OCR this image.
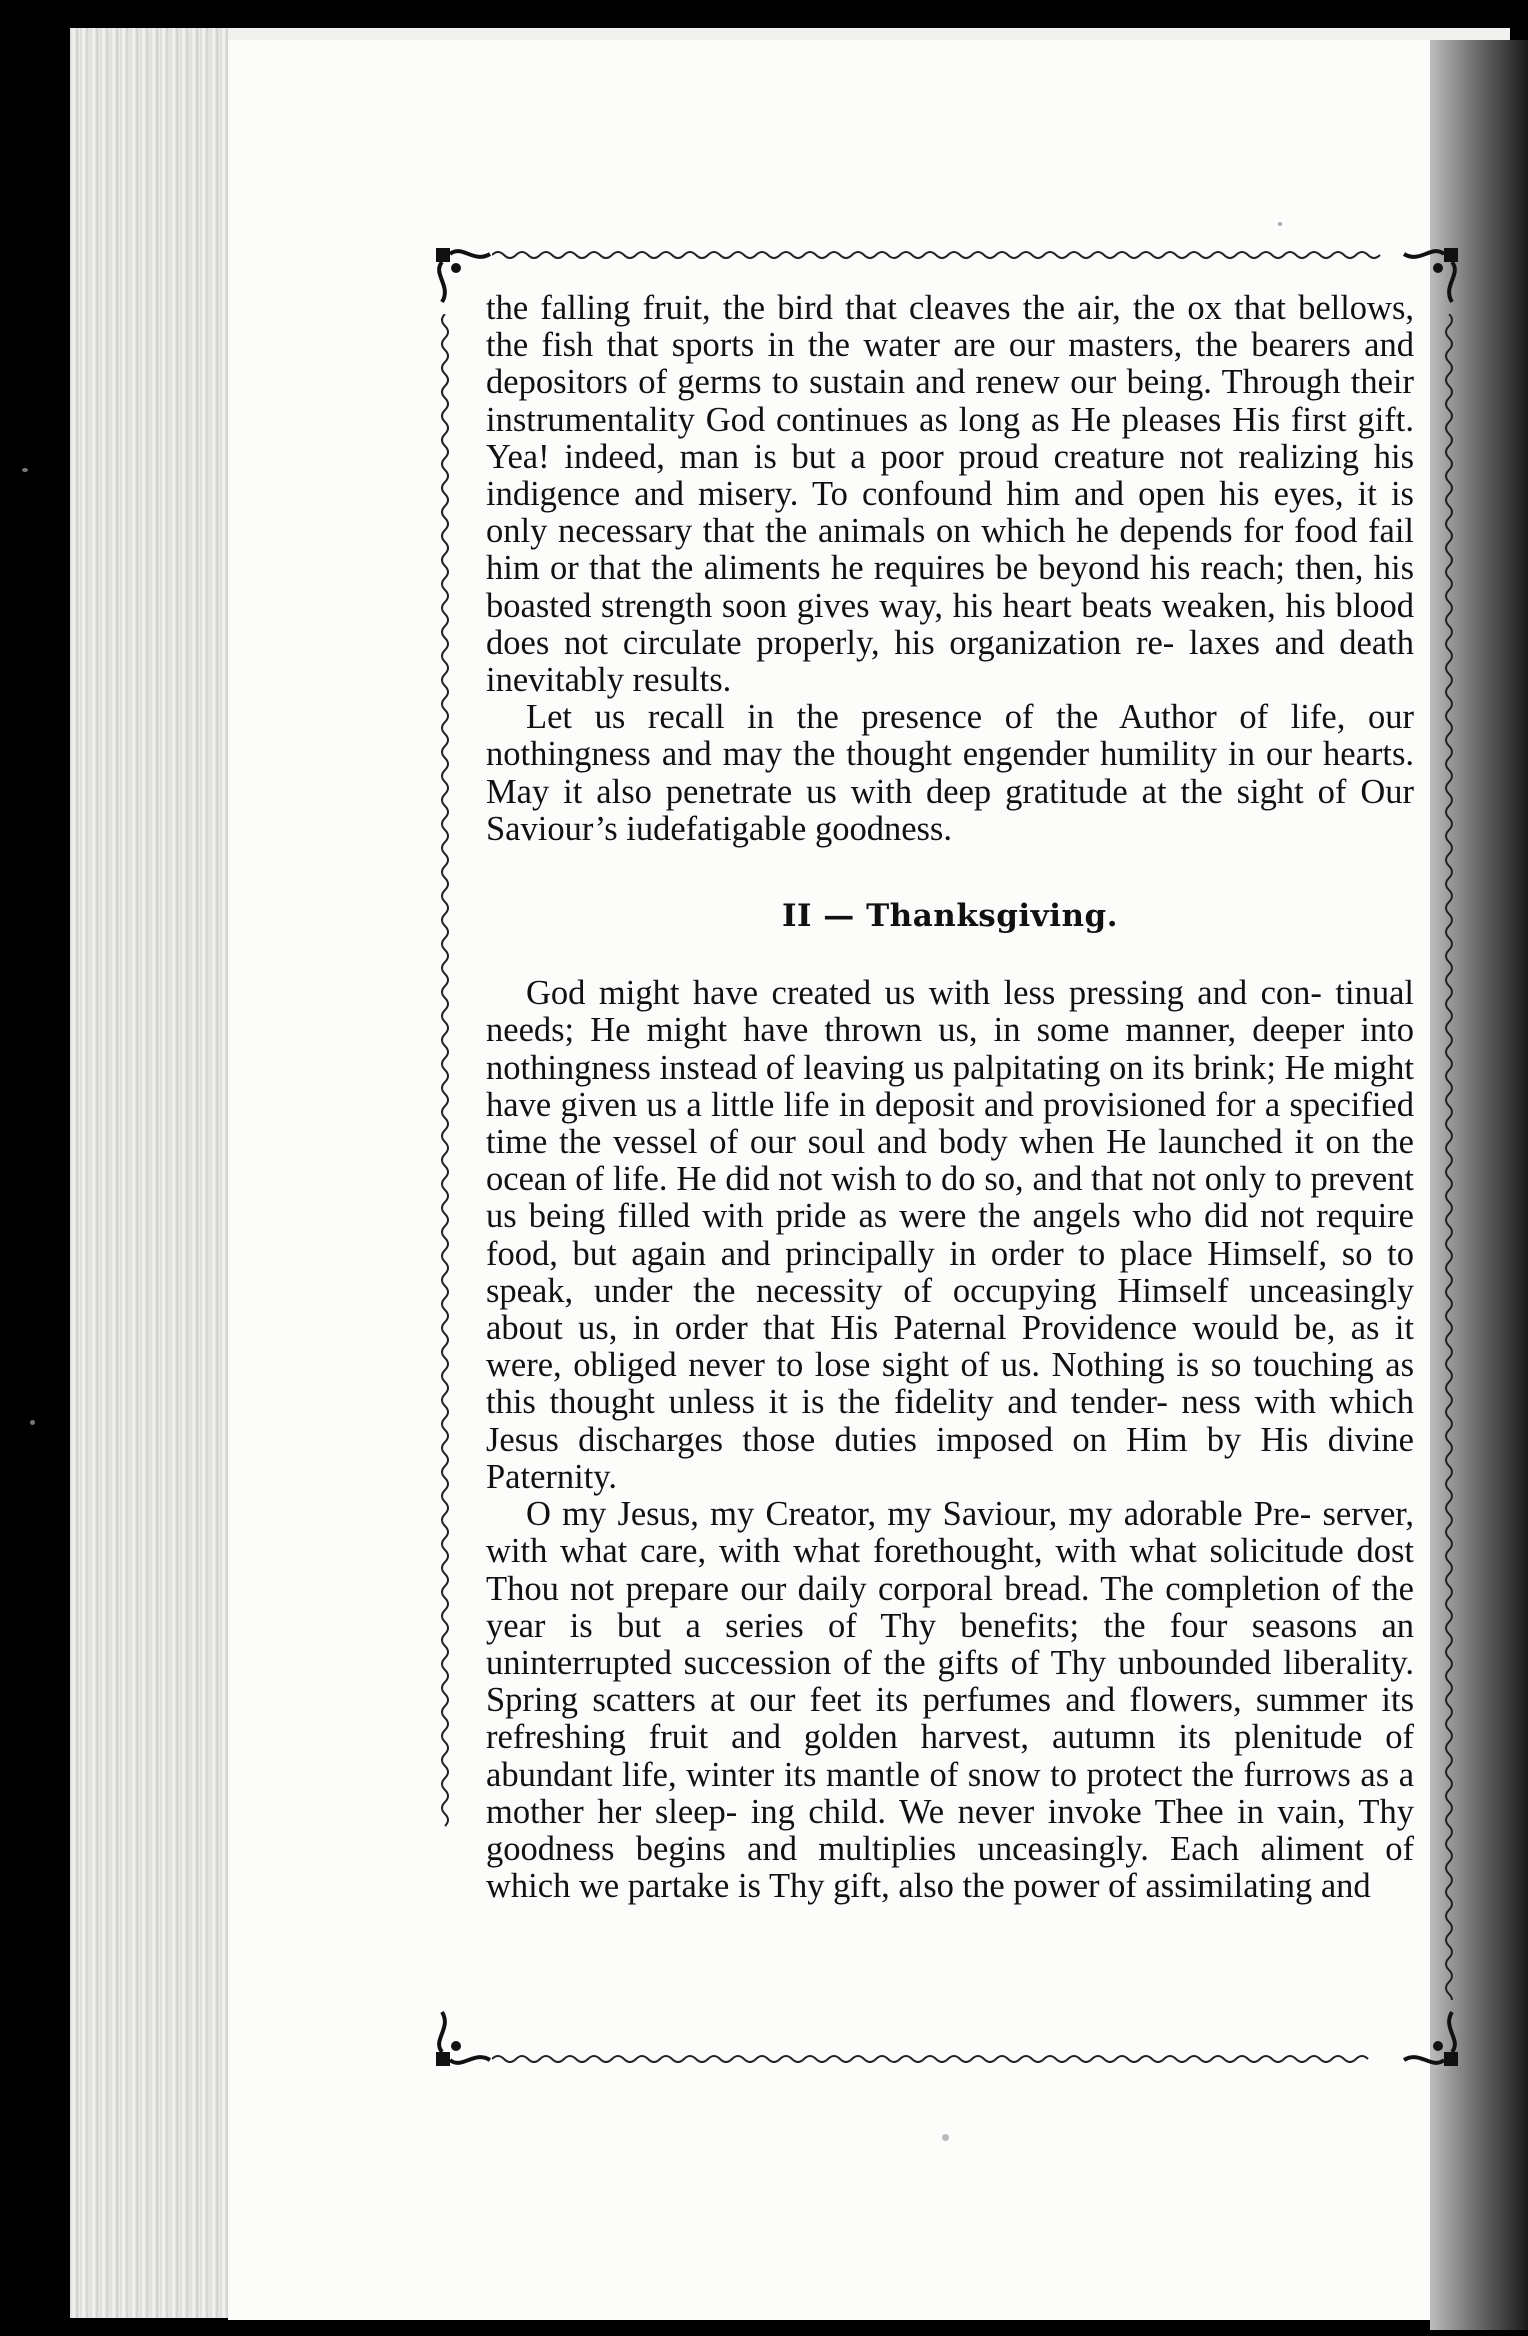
the falling fruit, the bird that cleaves the air, the ox that bellows, the fish that sports in the water are our masters, the bearers and depositors of germs to sustain and renew our being. Through their instrumentality God continues as long as He pleases His first gift. Yea! indeed, man is but a poor proud creature not realizing his indigence and misery. To confound him and open his eyes, it is only necessary that the animals on which he depends for food fail him or that the aliments he requires be beyond his reach; then, his boasted strength soon gives way, his heart beats weaken, his blood does not circulate properly, his organization re- laxes and death inevitably results.

Let us recall in the presence of the Author of life, our nothingness and may the thought engender humility in our hearts. May it also penetrate us with deep gratitude at the sight of Our Saviour’s iudefatigable goodness.

II — Thanksgiving.

God might have created us with less pressing and con- tinual needs; He might have thrown us, in some manner, deeper into nothingness instead of leaving us palpitating on its brink; He might have given us a little life in deposit and provisioned for a specified time the vessel of our soul and body when He launched it on the ocean of life. He did not wish to do so, and that not only to prevent us being filled with pride as were the angels who did not require food, but again and principally in order to place Himself, so to speak, under the necessity of occupying Himself unceasingly about us, in order that His Paternal Providence would be, as it were, obliged never to lose sight of us. Nothing is so touching as this thought unless it is the fidelity and tender- ness with which Jesus discharges those duties imposed on Him by His divine Paternity.

O my Jesus, my Creator, my Saviour, my adorable Pre- server, with what care, with what forethought, with what solicitude dost Thou not prepare our daily corporal bread. The completion of the year is but a series of Thy benefits; the four seasons an uninterrupted succession of the gifts of Thy unbounded liberality. Spring scatters at our feet its perfumes and flowers, summer its refreshing fruit and golden harvest, autumn its plenitude of abundant life, winter its mantle of snow to protect the furrows as a mother her sleep- ing child. We never invoke Thee in vain, Thy goodness begins and multiplies unceasingly. Each aliment of which we partake is Thy gift, also the power of assimilating and
